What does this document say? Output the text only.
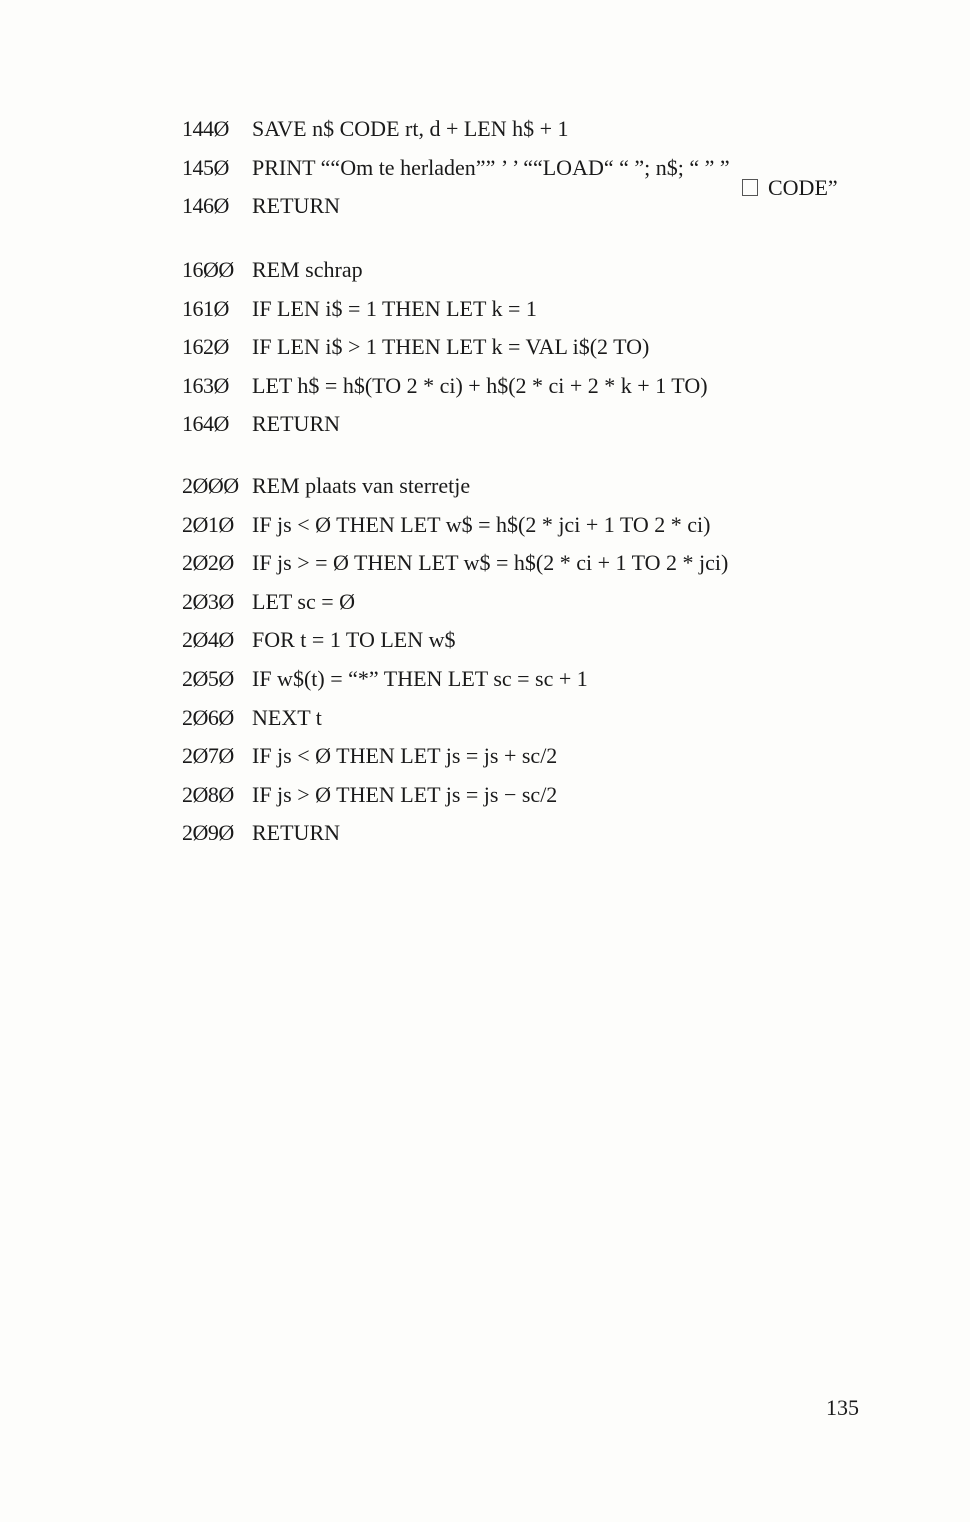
144Ø SAVE n$ CODE rt, d + LEN h$ + 1
145Ø PRINT ““Om te herladen”” ’ ’ ““LOAD“ “ ”; n$; “ ” ”
146Ø RETURN
CODE”
16ØØ REM schrap
161Ø IF LEN i$ = 1 THEN LET k = 1
162Ø IF LEN i$ > 1 THEN LET k = VAL i$(2 TO)
163Ø LET h$ = h$(TO 2 * ci) + h$(2 * ci + 2 * k + 1 TO)
164Ø RETURN
2ØØØ REM plaats van sterretje
2Ø1Ø IF js < Ø THEN LET w$ = h$(2 * jci + 1 TO 2 * ci)
2Ø2Ø IF js > = Ø THEN LET w$ = h$(2 * ci + 1 TO 2 * jci)
2Ø3Ø LET sc = Ø
2Ø4Ø FOR t = 1 TO LEN w$
2Ø5Ø IF w$(t) = “*” THEN LET sc = sc + 1
2Ø6Ø NEXT t
2Ø7Ø IF js < Ø THEN LET js = js + sc/2
2Ø8Ø IF js > Ø THEN LET js = js − sc/2
2Ø9Ø RETURN
135
